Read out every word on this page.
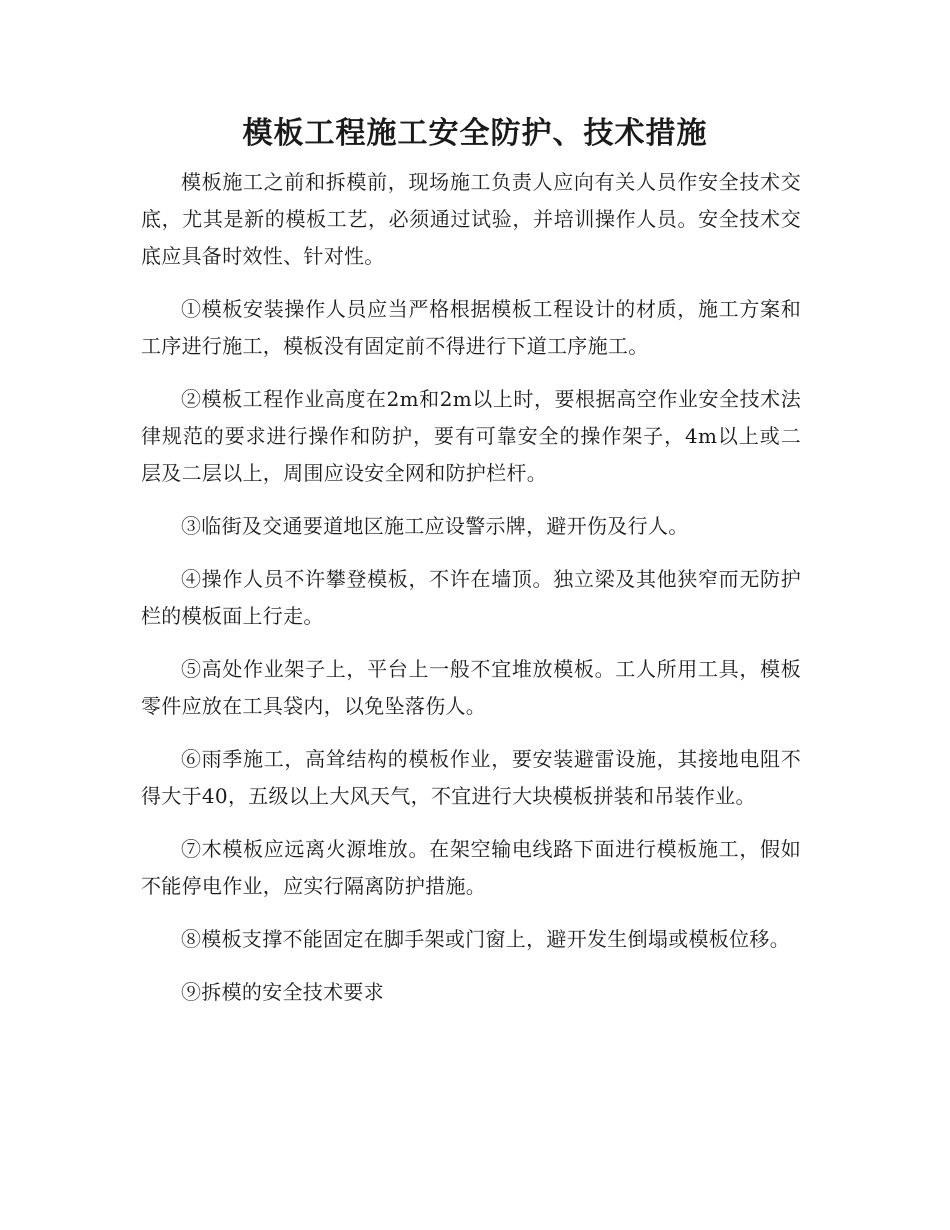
模板工程施工安全防护、技术措施

模板施工之前和拆模前，现场施工负责人应向有关人员作安全技术交底，尤其是新的模板工艺，必须通过试验，并培训操作人员。安全技术交底应具备时效性、针对性。

①模板安装操作人员应当严格根据模板工程设计的材质，施工方案和工序进行施工，模板没有固定前不得进行下道工序施工。

②模板工程作业高度在2m和2m以上时，要根据高空作业安全技术法律规范的要求进行操作和防护，要有可靠安全的操作架子，4m以上或二层及二层以上，周围应设安全网和防护栏杆。

③临街及交通要道地区施工应设警示牌，避开伤及行人。

④操作人员不许攀登模板，不许在墙顶。独立梁及其他狭窄而无防护栏的模板面上行走。

⑤高处作业架子上，平台上一般不宜堆放模板。工人所用工具，模板零件应放在工具袋内，以免坠落伤人。

⑥雨季施工，高耸结构的模板作业，要安装避雷设施，其接地电阻不得大于40，五级以上大风天气，不宜进行大块模板拼装和吊装作业。

⑦木模板应远离火源堆放。在架空输电线路下面进行模板施工，假如不能停电作业，应实行隔离防护措施。

⑧模板支撑不能固定在脚手架或门窗上，避开发生倒塌或模板位移。

⑨拆模的安全技术要求
